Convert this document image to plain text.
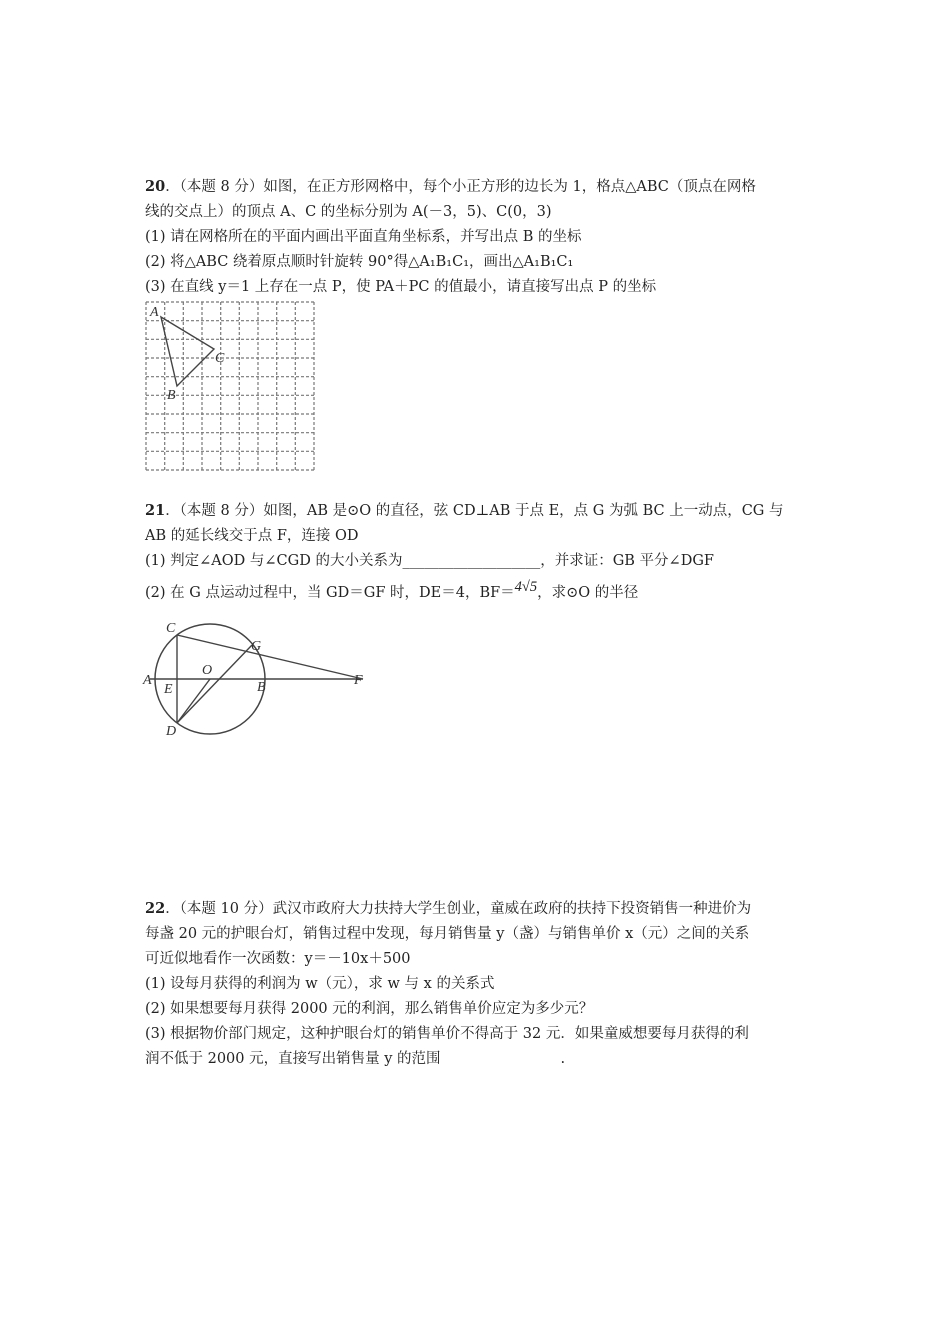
20．（本题 8 分）如图，在正方形网格中，每个小正方形的边长为 1，格点△ABC（顶点在网格
线的交点上）的顶点 A、C 的坐标分别为 A(－3，5)、C(0，3)
(1) 请在网格所在的平面内画出平面直角坐标系，并写出点 B 的坐标
(2) 将△ABC 绕着原点顺时针旋转 90°得△A₁B₁C₁，画出△A₁B₁C₁
(3) 在直线 y＝1 上存在一点 P，使 PA＋PC 的值最小，请直接写出点 P 的坐标
A
C
B
21．（本题 8 分）如图，AB 是⊙O 的直径，弦 CD⊥AB 于点 E，点 G 为弧 BC 上一动点，CG 与
AB 的延长线交于点 F，连接 OD
(1) 判定∠AOD 与∠CGD 的大小关系为___________________，并求证：GB 平分∠DGF
(2) 在 G 点运动过程中，当 GD＝GF 时，DE＝4，BF＝4√5，求⊙O 的半径
C
G
O
A
E	B	F
D
22．（本题 10 分）武汉市政府大力扶持大学生创业，童威在政府的扶持下投资销售一种进价为
每盏 20 元的护眼台灯，销售过程中发现，每月销售量 y（盏）与销售单价 x（元）之间的关系
可近似地看作一次函数：y＝－10x＋500
(1) 设每月获得的利润为 w（元），求 w 与 x 的关系式
(2) 如果想要每月获得 2000 元的利润，那么销售单价应定为多少元？
(3) 根据物价部门规定，这种护眼台灯的销售单价不得高于 32 元．如果童威想要每月获得的利
润不低于 2000 元，直接写出销售量 y 的范围	.
